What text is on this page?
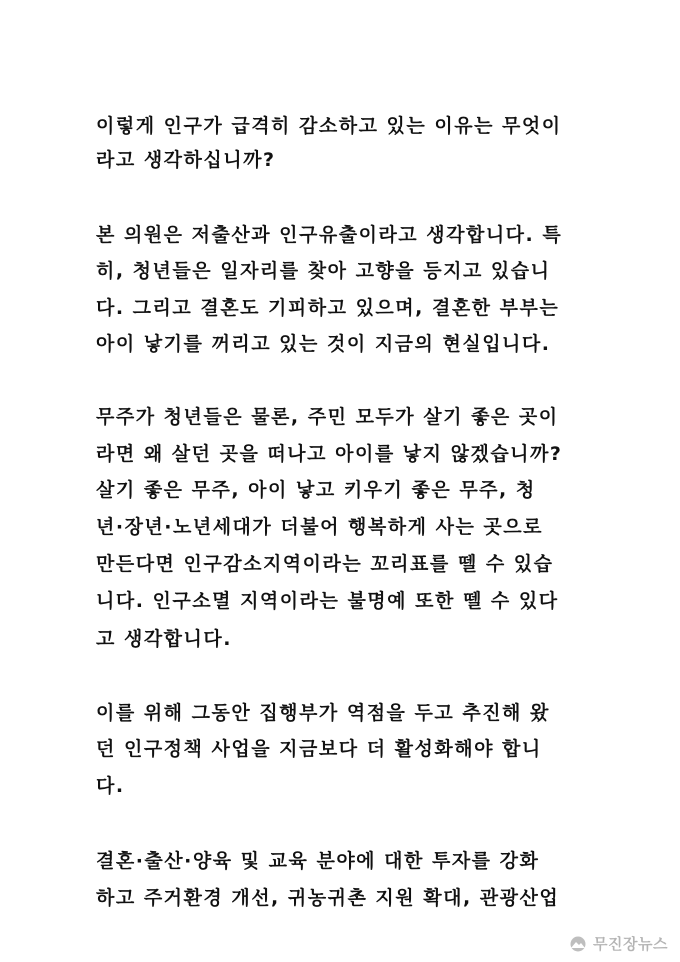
이렇게 인구가 급격히 감소하고 있는 이유는 무엇이
라고 생각하십니까?
본 의원은 저출산과 인구유출이라고 생각합니다. 특
히, 청년들은 일자리를 찾아 고향을 등지고 있습니
다. 그리고 결혼도 기피하고 있으며, 결혼한 부부는
아이 낳기를 꺼리고 있는 것이 지금의 현실입니다.
무주가 청년들은 물론, 주민 모두가 살기 좋은 곳이
라면 왜 살던 곳을 떠나고 아이를 낳지 않겠습니까?
살기 좋은 무주, 아이 낳고 키우기 좋은 무주, 청
년·장년·노년세대가 더불어 행복하게 사는 곳으로
만든다면 인구감소지역이라는 꼬리표를 뗄 수 있습
니다. 인구소멸 지역이라는 불명예 또한 뗄 수 있다
고 생각합니다.
이를 위해 그동안 집행부가 역점을 두고 추진해 왔
던 인구정책 사업을 지금보다 더 활성화해야 합니
다.
결혼·출산·양육 및 교육 분야에 대한 투자를 강화
하고 주거환경 개선, 귀농귀촌 지원 확대, 관광산업
무진장뉴스
